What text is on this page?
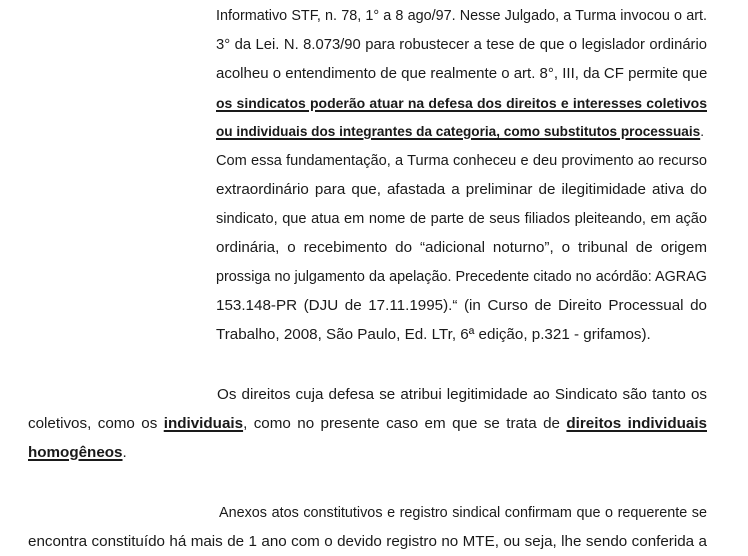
Informativo STF, n. 78, 1° a 8 ago/97. Nesse Julgado, a Turma invocou o art.
3° da Lei. N. 8.073/90 para robustecer a tese de que o legislador ordinário
acolheu o entendimento de que realmente o art. 8°, III, da CF permite que
os sindicatos poderão atuar na defesa dos direitos e interesses coletivos
ou individuais dos integrantes da categoria, como substitutos processuais.
Com essa fundamentação, a Turma conheceu e deu provimento ao recurso
extraordinário para que, afastada a preliminar de ilegitimidade ativa do
sindicato, que atua em nome de parte de seus filiados pleiteando, em ação
ordinária, o recebimento do “adicional noturno”, o tribunal de origem
prossiga no julgamento da apelação. Precedente citado no acórdão: AGRAG
153.148-PR (DJU de 17.11.1995).“ (in Curso de Direito Processual do
Trabalho, 2008, São Paulo, Ed. LTr, 6ª edição, p.321 - grifamos).
Os direitos cuja defesa se atribui legitimidade ao Sindicato são tanto os
coletivos, como os individuais, como no presente caso em que se trata de direitos individuais
homogêneos.
Anexos atos constitutivos e registro sindical confirmam que o requerente se
encontra constituído há mais de 1 ano com o devido registro no MTE, ou seja, lhe sendo conferida a
